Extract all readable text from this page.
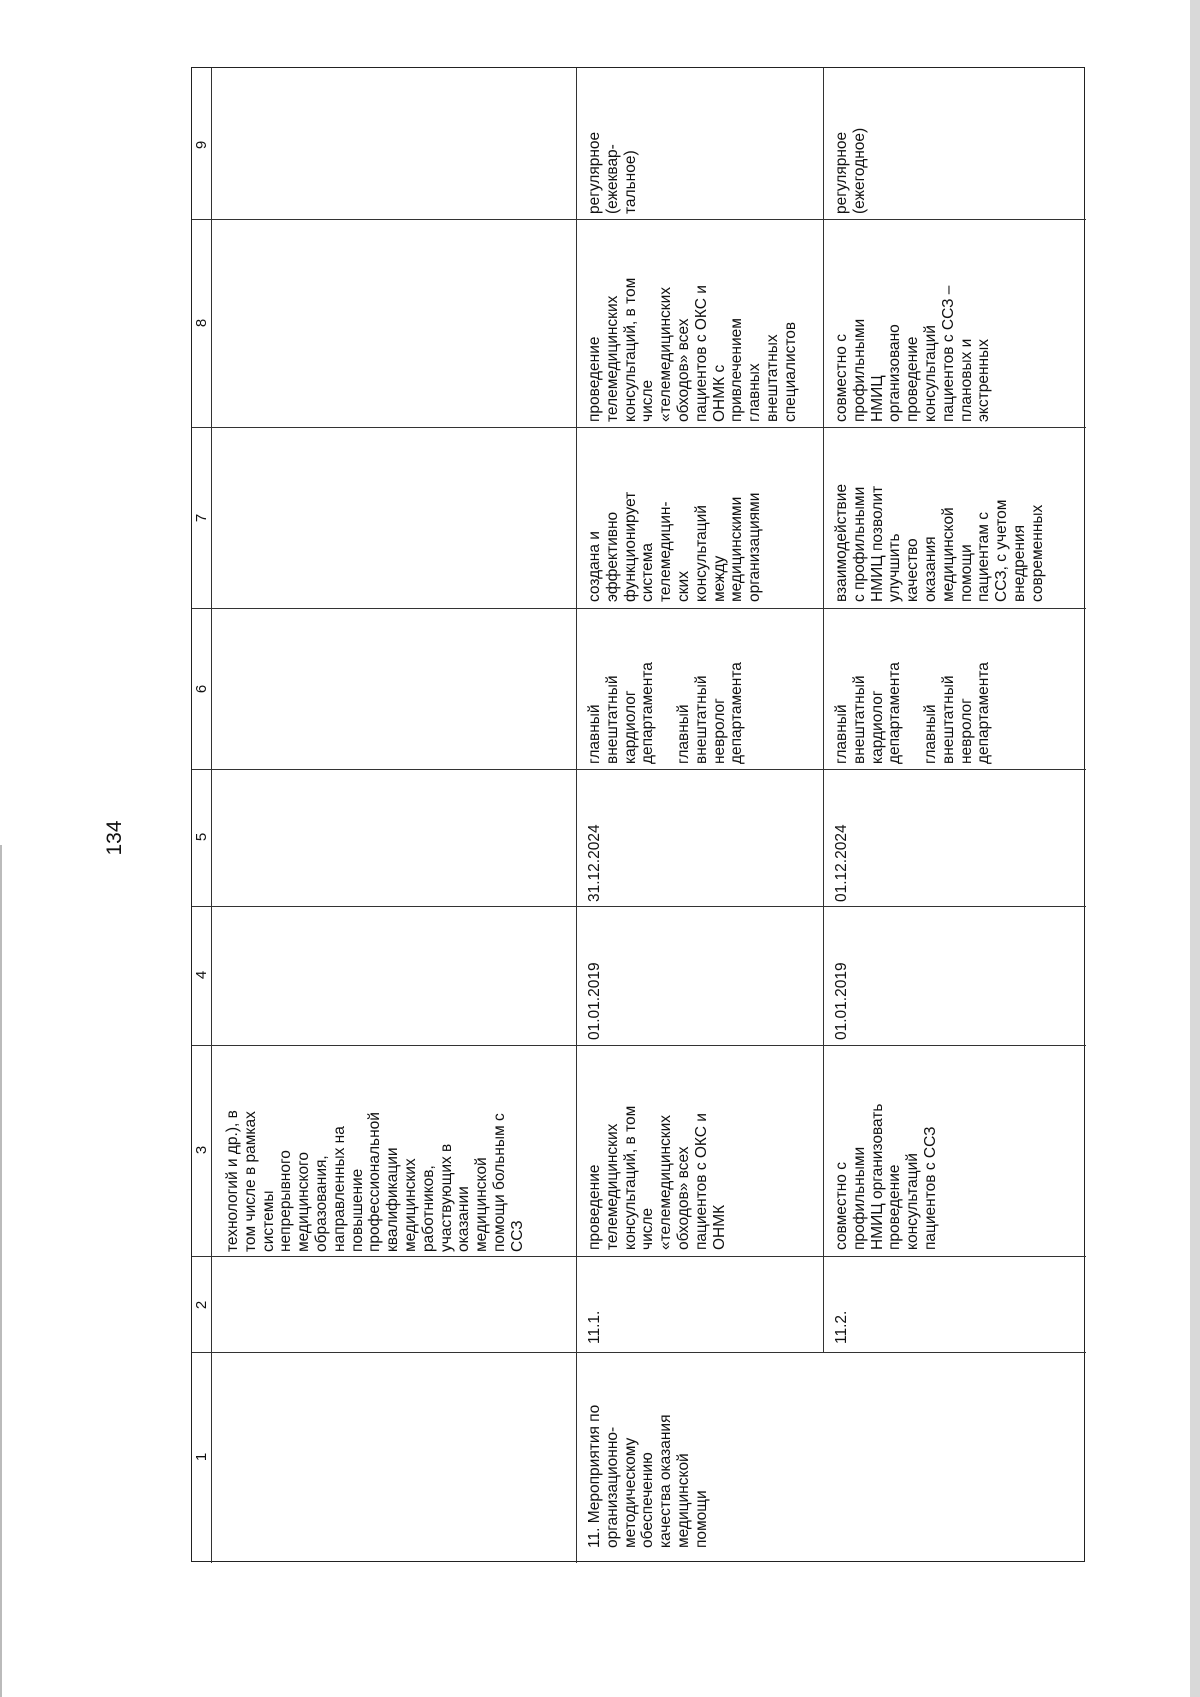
134
1
2
3
4
5
6
7
8
9
технологий и др.), в
том числе в рамках
системы
непрерывного
медицинского
образования,
направленных на
повышение
профессиональной
квалификации
медицинских
работников,
участвующих в
оказании
медицинской
помощи больным с
ССЗ
11. Мероприятия по
организационно-
методическому
обеспечению
качества оказания
медицинской
помощи
11.1.
проведение
телемедицинских
консультаций, в том
числе
«телемедицинских
обходов» всех
пациентов с ОКС и
ОНМК
01.01.2019
31.12.2024
главный
внештатный
кардиолог
департамента

главный
внештатный
невролог
департамента
создана и
эффективно
функционирует
система
телемедицин-
ских
консультаций
между
медицинскими
организациями
проведение
телемедицинских
консультаций, в том
числе
«телемедицинских
обходов» всех
пациентов с ОКС и
ОНМК с
привлечением
главных
внештатных
специалистов
регулярное
(ежеквар-
тальное)
11.2.
совместно с
профильными
НМИЦ организовать
проведение
консультаций
пациентов с ССЗ
01.01.2019
01.12.2024
главный
внештатный
кардиолог
департамента

главный
внештатный
невролог
департамента
взаимодействие
с профильными
НМИЦ позволит
улучшить
качество
оказания
медицинской
помощи
пациентам с
ССЗ, с учетом
внедрения
современных
совместно с
профильными
НМИЦ
организовано
проведение
консультаций
пациентов с ССЗ –
плановых и
экстренных
регулярное
(ежегодное)
